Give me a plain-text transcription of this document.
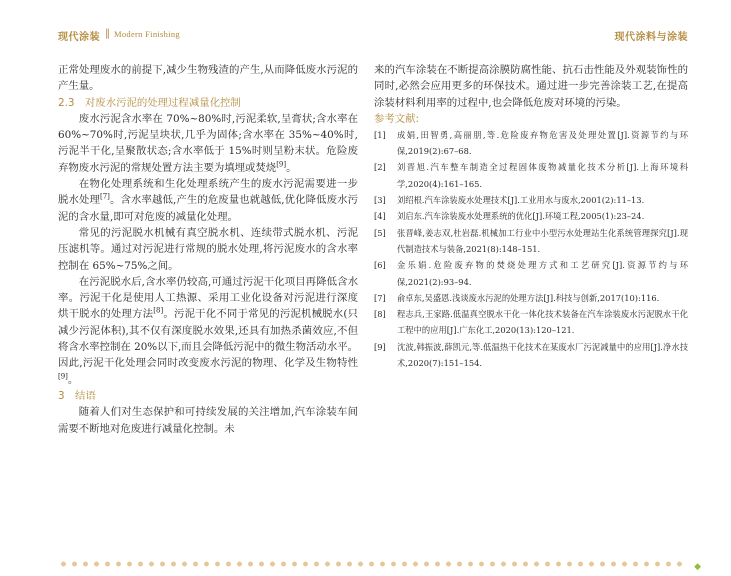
现代涂装 ‖ Modern Finishing	现代涂料与涂装

正常处理废水的前提下,减少生物残渣的产生,从而降低废水污泥的产生量。

2.3　对废水污泥的处理过程减量化控制

废水污泥含水率在 70%~80%时,污泥柔软,呈膏状;含水率在 60%~70%时,污泥呈块状,几乎为固体;含水率在 35%~40%时,污泥半干化,呈聚散状态;含水率低于 15%时则呈粉末状。危险废弃物废水污泥的常规处置方法主要为填埋或焚烧[9]。

在物化处理系统和生化处理系统产生的废水污泥需要进一步脱水处理[7]。含水率越低,产生的危废量也就越低,优化降低废水污泥的含水量,即可对危废的减量化处理。

常见的污泥脱水机械有真空脱水机、连续带式脱水机、污泥压滤机等。通过对污泥进行常规的脱水处理,将污泥废水的含水率控制在 65%~75%之间。

在污泥脱水后,含水率仍较高,可通过污泥干化项目再降低含水率。污泥干化是使用人工热源、采用工业化设备对污泥进行深度烘干脱水的处理方法[8]。污泥干化不同于常见的污泥机械脱水(只减少污泥体积),其不仅有深度脱水效果,还具有加热杀菌效应,不但将含水率控制在 20%以下,而且会降低污泥中的微生物活动水平。因此,污泥干化处理会同时改变废水污泥的物理、化学及生物特性[9]。

3　结语

随着人们对生态保护和可持续发展的关注增加,汽车涂装车间需要不断地对危废进行减量化控制。未

来的汽车涂装在不断提高涂膜防腐性能、抗石击性能及外观装饰性的同时,必然会应用更多的环保技术。通过进一步完善涂装工艺,在提高涂装材料利用率的过程中,也会降低危废对环境的污染。

参考文献:

[1] 成娟,田智勇,高丽朋,等.危险废弃物危害及处理处置[J].资源节约与环保,2019(2):67–68.

[2] 刘晋旭.汽车整车制造全过程固体废物减量化技术分析[J].上海环境科学,2020(4):161–165.

[3] 刘绍根.汽车涂装废水处理技术[J].工业用水与废水,2001(2):11–13.

[4] 刘启东.汽车涂装废水处理系统的优化[J].环境工程,2005(1):23–24.

[5] 张晋峰,姜志双,杜岩磊.机械加工行业中小型污水处理站生化系统管理探究[J].现代制造技术与装备,2021(8):148–151.

[6] 金乐娟.危险废弃物的焚烧处理方式和工艺研究[J].资源节约与环保,2021(2):93–94.

[7] 俞卓东,吴盛恩.浅谈废水污泥的处理方法[J].科技与创新,2017(10):116.

[8] 程志兵,王家路.低温真空脱水干化一体化技术装备在汽车涂装废水污泥脱水干化工程中的应用[J].广东化工,2020(13):120–121.

[9] 沈波,韩振波,薛凯元,等.低温热干化技术在某废水厂污泥减量中的应用[J].净水技术,2020(7):151–154.

◆
